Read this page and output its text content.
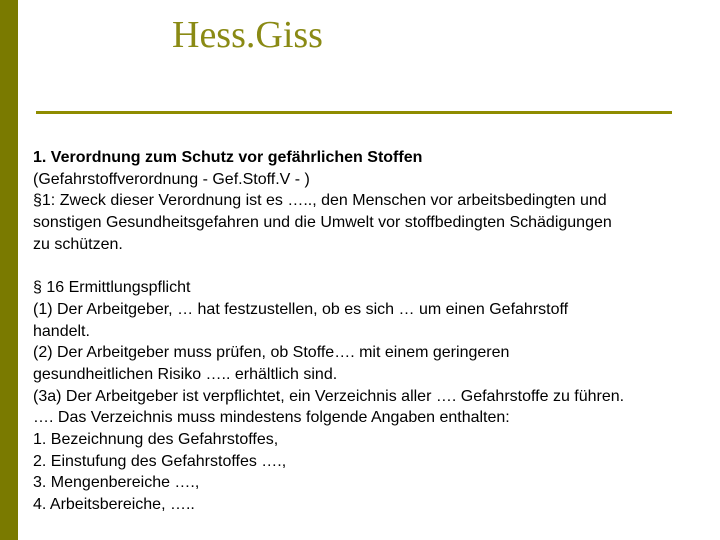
Hess.Giss
1. Verordnung zum Schutz vor gefährlichen Stoffen
(Gefahrstoffverordnung - Gef.Stoff.V - )
§1: Zweck dieser Verordnung ist es ….., den Menschen vor arbeitsbedingten und
sonstigen Gesundheitsgefahren und die Umwelt vor stoffbedingten Schädigungen
zu schützen.
§ 16 Ermittlungspflicht
(1) Der Arbeitgeber, … hat festzustellen, ob es sich … um einen Gefahrstoff
handelt.
(2) Der Arbeitgeber muss prüfen, ob Stoffe…. mit einem geringeren
gesundheitlichen Risiko ….. erhältlich sind.
(3a) Der Arbeitgeber ist verpflichtet, ein Verzeichnis aller …. Gefahrstoffe zu führen.
…. Das Verzeichnis muss mindestens folgende Angaben enthalten:
1. Bezeichnung des Gefahrstoffes,
2. Einstufung des Gefahrstoffes ….,
3. Mengenbereiche ….,
4. Arbeitsbereiche, …..
